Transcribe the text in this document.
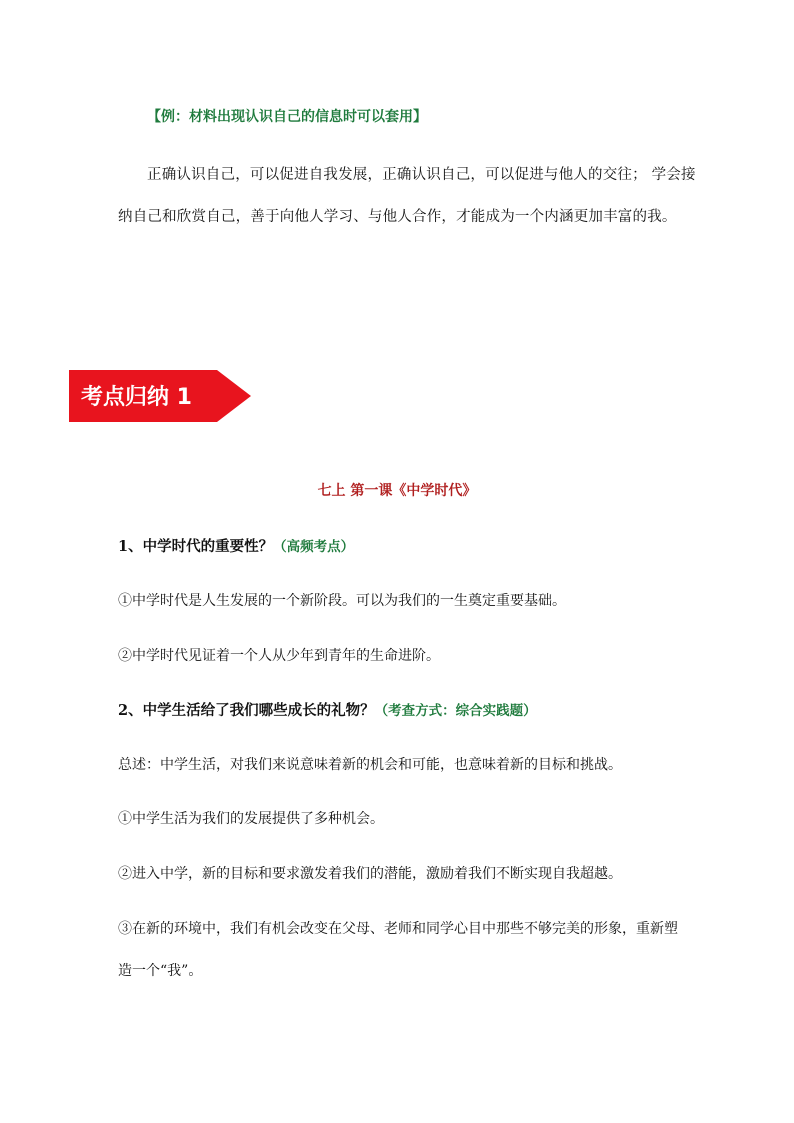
【例：材料出现认识自己的信息时可以套用】
正确认识自己，可以促进自我发展，正确认识自己，可以促进与他人的交往； 学会接
纳自己和欣赏自己，善于向他人学习、与他人合作，才能成为一个内涵更加丰富的我。
考点归纳 1
七上 第一课《中学时代》
1、中学时代的重要性？（高频考点）
①中学时代是人生发展的一个新阶段。可以为我们的一生奠定重要基础。
②中学时代见证着一个人从少年到青年的生命进阶。
2、中学生活给了我们哪些成长的礼物？（考查方式：综合实践题）
总述：中学生活，对我们来说意味着新的机会和可能，也意味着新的目标和挑战。
①中学生活为我们的发展提供了多种机会。
②进入中学，新的目标和要求激发着我们的潜能，激励着我们不断实现自我超越。
③在新的环境中，我们有机会改变在父母、老师和同学心目中那些不够完美的形象，重新塑
造一个“我”。
